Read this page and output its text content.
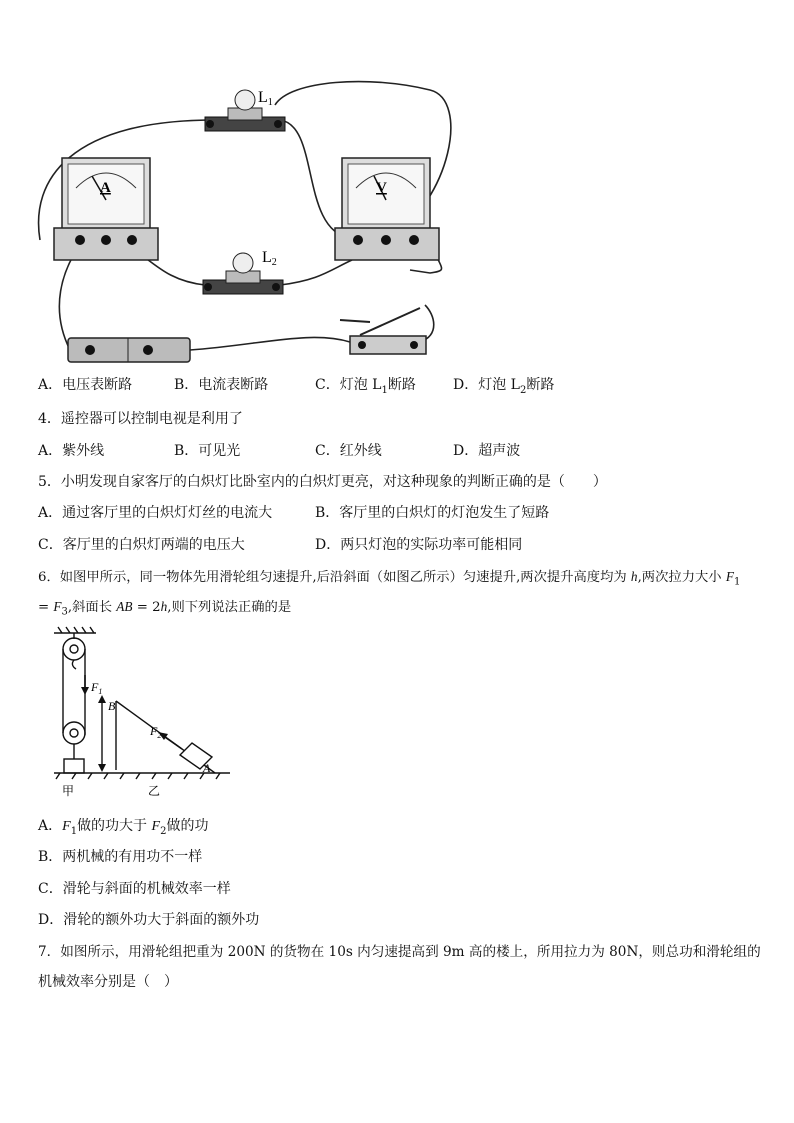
L1
A	V
L2
A．电压表断路	B．电流表断路	C．灯泡 $L_1$断路	D．灯泡 $L_2$断路
4．遥控器可以控制电视是利用了
A．紫外线	B．可见光	C．红外线	D．超声波
5．小明发现自家客厅的白炽灯比卧室内的白炽灯更亮，对这种现象的判断正确的是（　　）
A．通过客厅里的白炽灯灯丝的电流大	B．客厅里的白炽灯的灯泡发生了短路
C．客厅里的白炽灯两端的电压大	D．两只灯泡的实际功率可能相同
6．如图甲所示，同一物体先用滑轮组匀速提升,后沿斜面（如图乙所示）匀速提升,两次提升高度均为 h,两次拉力大小 $F_1$
= $F_3$,斜面长 AB = 2h,则下列说法正确的是
$F_1$
B
$F_2$
A
甲	乙
A．$F_1$做的功大于 $F_2$做的功
B．两机械的有用功不一样
C．滑轮与斜面的机械效率一样
D．滑轮的额外功大于斜面的额外功
7．如图所示，用滑轮组把重为 200N 的货物在 10s 内匀速提高到 9m 高的楼上，所用拉力为 80N，则总功和滑轮组的
机械效率分别是（　）
